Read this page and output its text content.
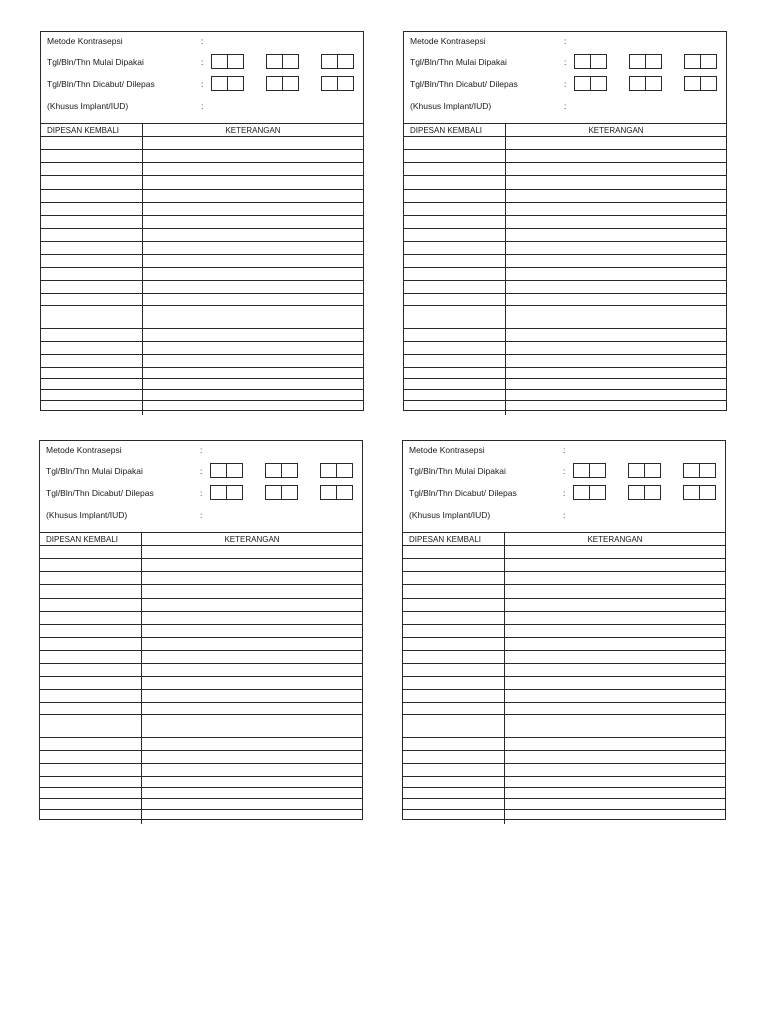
Metode Kontrasepsi	:
Tgl/Bln/Thn Mulai Dipakai	:
Tgl/Bln/Thn Dicabut/ Dilepas	:
(Khusus Implant/IUD)	:
DIPESAN KEMBALI	KETERANGAN
Metode Kontrasepsi	:
Tgl/Bln/Thn Mulai Dipakai	:
Tgl/Bln/Thn Dicabut/ Dilepas	:
(Khusus Implant/IUD)	:
DIPESAN KEMBALI	KETERANGAN
Metode Kontrasepsi	:
Tgl/Bln/Thn Mulai Dipakai	:
Tgl/Bln/Thn Dicabut/ Dilepas	:
(Khusus Implant/IUD)	:
DIPESAN KEMBALI	KETERANGAN
Metode Kontrasepsi	:
Tgl/Bln/Thn Mulai Dipakai	:
Tgl/Bln/Thn Dicabut/ Dilepas	:
(Khusus Implant/IUD)	:
DIPESAN KEMBALI	KETERANGAN
